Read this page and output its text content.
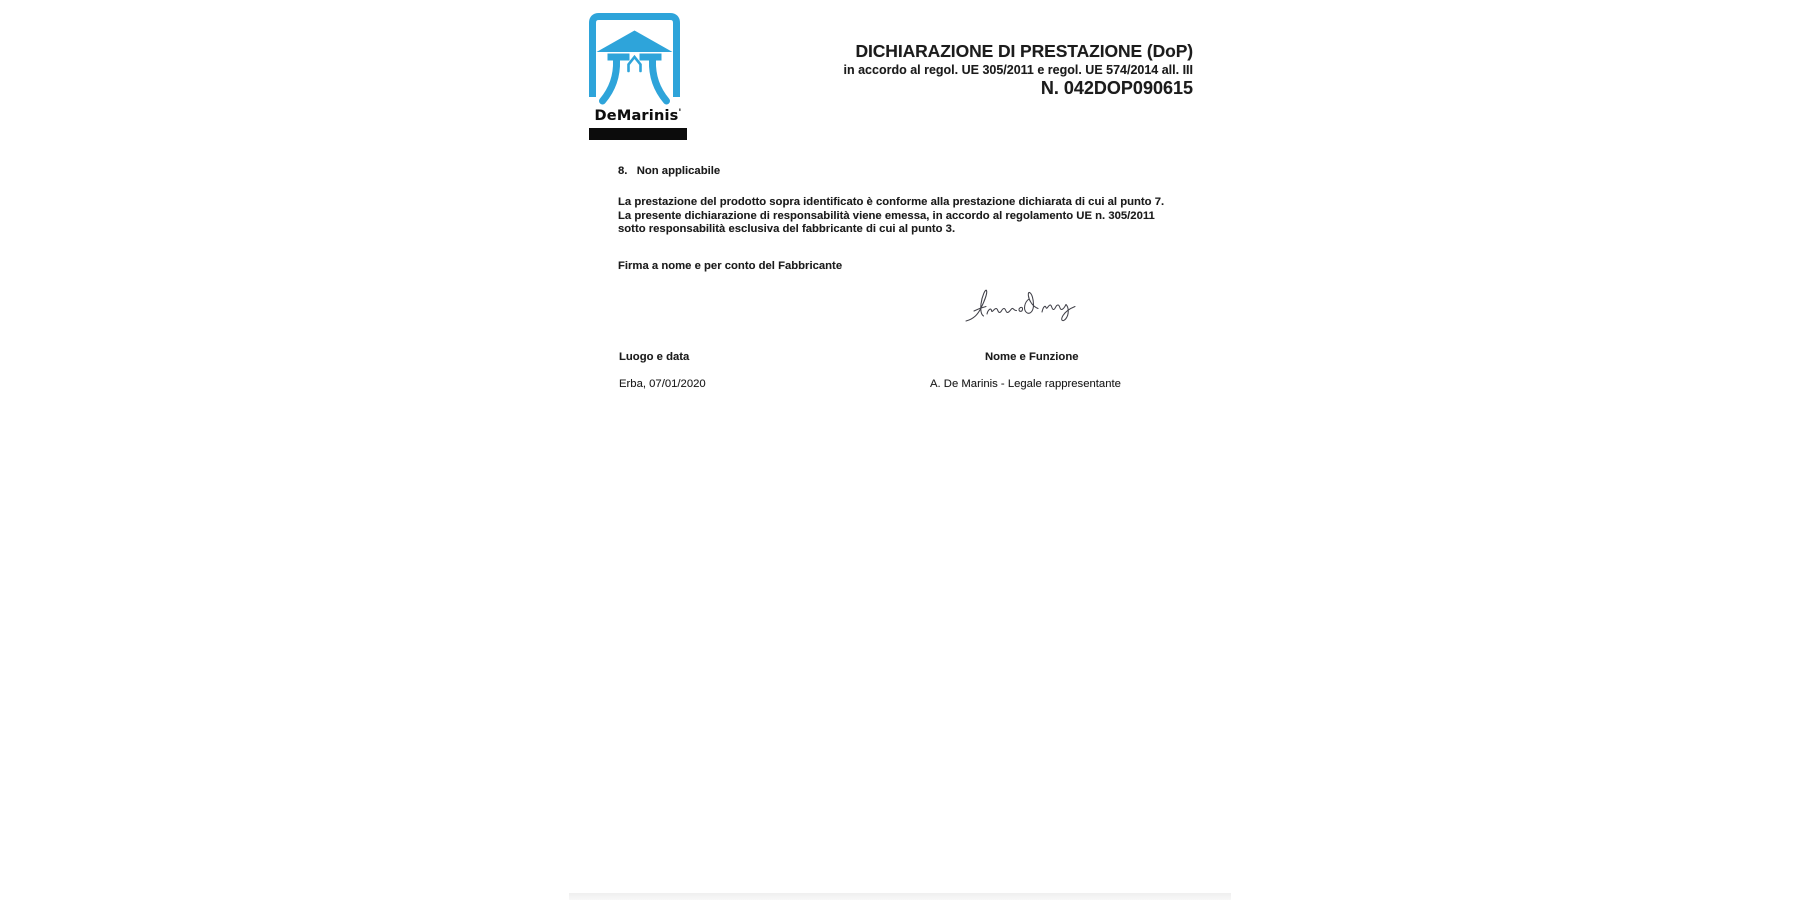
DeMarinis'
DICHIARAZIONE DI PRESTAZIONE (DoP)
in accordo al regol. UE 305/2011 e regol. UE 574/2014 all. III
N. 042DOP090615
8. Non applicabile
La prestazione del prodotto sopra identificato è conforme alla prestazione dichiarata di cui al punto 7.
La presente dichiarazione di responsabilità viene emessa, in accordo al regolamento UE n. 305/2011
sotto responsabilità esclusiva del fabbricante di cui al punto 3.
Firma a nome e per conto del Fabbricante
Luogo e data	Nome e Funzione
Erba, 07/01/2020	A. De Marinis - Legale rappresentante
